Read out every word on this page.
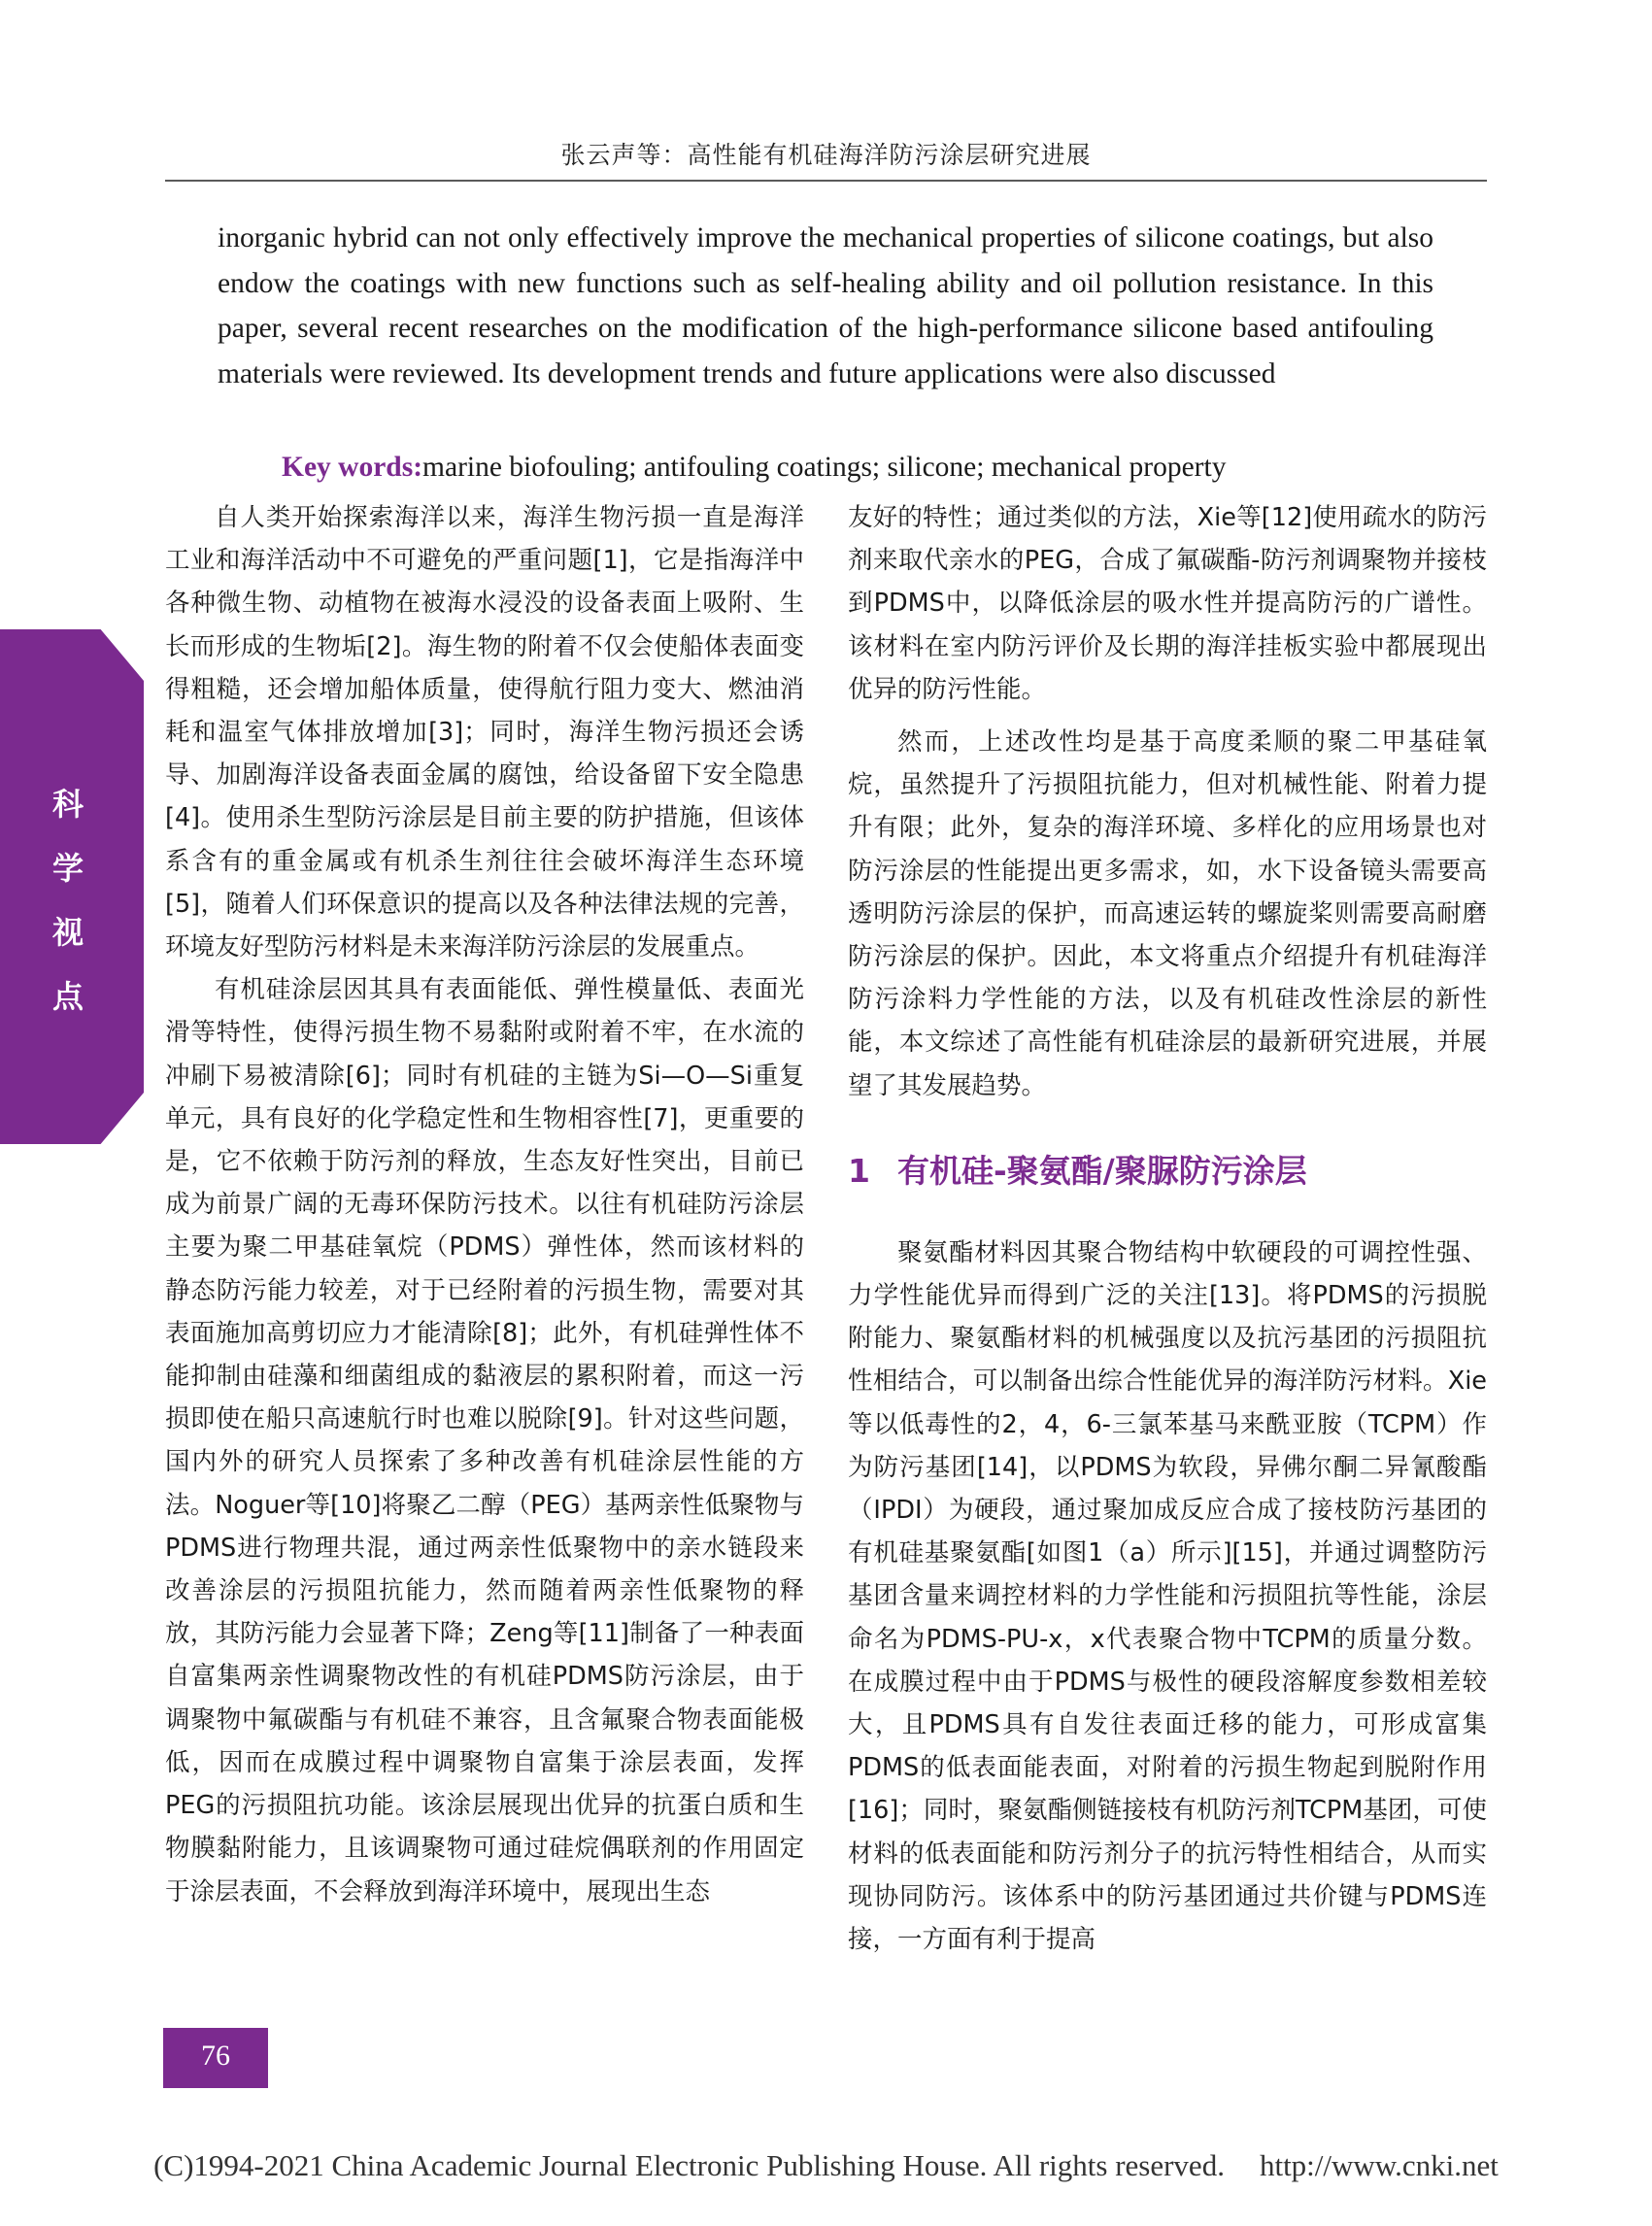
张云声等：高性能有机硅海洋防污涂层研究进展
inorganic hybrid can not only effectively improve the mechanical properties of silicone coatings, but also endow the coatings with new functions such as self-healing ability and oil pollution resistance. In this paper, several recent researches on the modification of the high-performance silicone based antifouling materials were reviewed. Its development trends and future applications were also discussed
Key words:marine biofouling; antifouling coatings; silicone; mechanical property
科
学
视
点

自人类开始探索海洋以来，海洋生物污损一直是海洋工业和海洋活动中不可避免的严重问题[1]，它是指海洋中各种微生物、动植物在被海水浸没的设备表面上吸附、生长而形成的生物垢[2]。海生物的附着不仅会使船体表面变得粗糙，还会增加船体质量，使得航行阻力变大、燃油消耗和温室气体排放增加[3]；同时，海洋生物污损还会诱导、加剧海洋设备表面金属的腐蚀，给设备留下安全隐患[4]。使用杀生型防污涂层是目前主要的防护措施，但该体系含有的重金属或有机杀生剂往往会破坏海洋生态环境[5]，随着人们环保意识的提高以及各种法律法规的完善，环境友好型防污材料是未来海洋防污涂层的发展重点。

有机硅涂层因其具有表面能低、弹性模量低、表面光滑等特性，使得污损生物不易黏附或附着不牢，在水流的冲刷下易被清除[6]；同时有机硅的主链为Si—O—Si重复单元，具有良好的化学稳定性和生物相容性[7]，更重要的是，它不依赖于防污剂的释放，生态友好性突出，目前已成为前景广阔的无毒环保防污技术。以往有机硅防污涂层主要为聚二甲基硅氧烷（PDMS）弹性体，然而该材料的静态防污能力较差，对于已经附着的污损生物，需要对其表面施加高剪切应力才能清除[8]；此外，有机硅弹性体不能抑制由硅藻和细菌组成的黏液层的累积附着，而这一污损即使在船只高速航行时也难以脱除[9]。针对这些问题，国内外的研究人员探索了多种改善有机硅涂层性能的方法。Noguer等[10]将聚乙二醇（PEG）基两亲性低聚物与PDMS进行物理共混，通过两亲性低聚物中的亲水链段来改善涂层的污损阻抗能力，然而随着两亲性低聚物的释放，其防污能力会显著下降；Zeng等[11]制备了一种表面自富集两亲性调聚物改性的有机硅PDMS防污涂层，由于调聚物中氟碳酯与有机硅不兼容，且含氟聚合物表面能极低，因而在成膜过程中调聚物自富集于涂层表面，发挥PEG的污损阻抗功能。该涂层展现出优异的抗蛋白质和生物膜黏附能力，且该调聚物可通过硅烷偶联剂的作用固定于涂层表面，不会释放到海洋环境中，展现出生态

友好的特性；通过类似的方法，Xie等[12]使用疏水的防污剂来取代亲水的PEG，合成了氟碳酯-防污剂调聚物并接枝到PDMS中，以降低涂层的吸水性并提高防污的广谱性。该材料在室内防污评价及长期的海洋挂板实验中都展现出优异的防污性能。

然而，上述改性均是基于高度柔顺的聚二甲基硅氧烷，虽然提升了污损阻抗能力，但对机械性能、附着力提升有限；此外，复杂的海洋环境、多样化的应用场景也对防污涂层的性能提出更多需求，如，水下设备镜头需要高透明防污涂层的保护，而高速运转的螺旋桨则需要高耐磨防污涂层的保护。因此，本文将重点介绍提升有机硅海洋防污涂料力学性能的方法，以及有机硅改性涂层的新性能，本文综述了高性能有机硅涂层的最新研究进展，并展望了其发展趋势。

1 有机硅-聚氨酯/聚脲防污涂层

聚氨酯材料因其聚合物结构中软硬段的可调控性强、力学性能优异而得到广泛的关注[13]。将PDMS的污损脱附能力、聚氨酯材料的机械强度以及抗污基团的污损阻抗性相结合，可以制备出综合性能优异的海洋防污材料。Xie等以低毒性的2，4，6-三氯苯基马来酰亚胺（TCPM）作为防污基团[14]，以PDMS为软段，异佛尔酮二异氰酸酯（IPDI）为硬段，通过聚加成反应合成了接枝防污基团的有机硅基聚氨酯[如图1（a）所示][15]，并通过调整防污基团含量来调控材料的力学性能和污损阻抗等性能，涂层命名为PDMS-PU-x，x代表聚合物中TCPM的质量分数。在成膜过程中由于PDMS与极性的硬段溶解度参数相差较大，且PDMS具有自发往表面迁移的能力，可形成富集PDMS的低表面能表面，对附着的污损生物起到脱附作用[16]；同时，聚氨酯侧链接枝有机防污剂TCPM基团，可使材料的低表面能和防污剂分子的抗污特性相结合，从而实现协同防污。该体系中的防污基团通过共价键与PDMS连接，一方面有利于提高

76
(C)1994-2021 China Academic Journal Electronic Publishing House. All rights reserved. http://www.cnki.net
